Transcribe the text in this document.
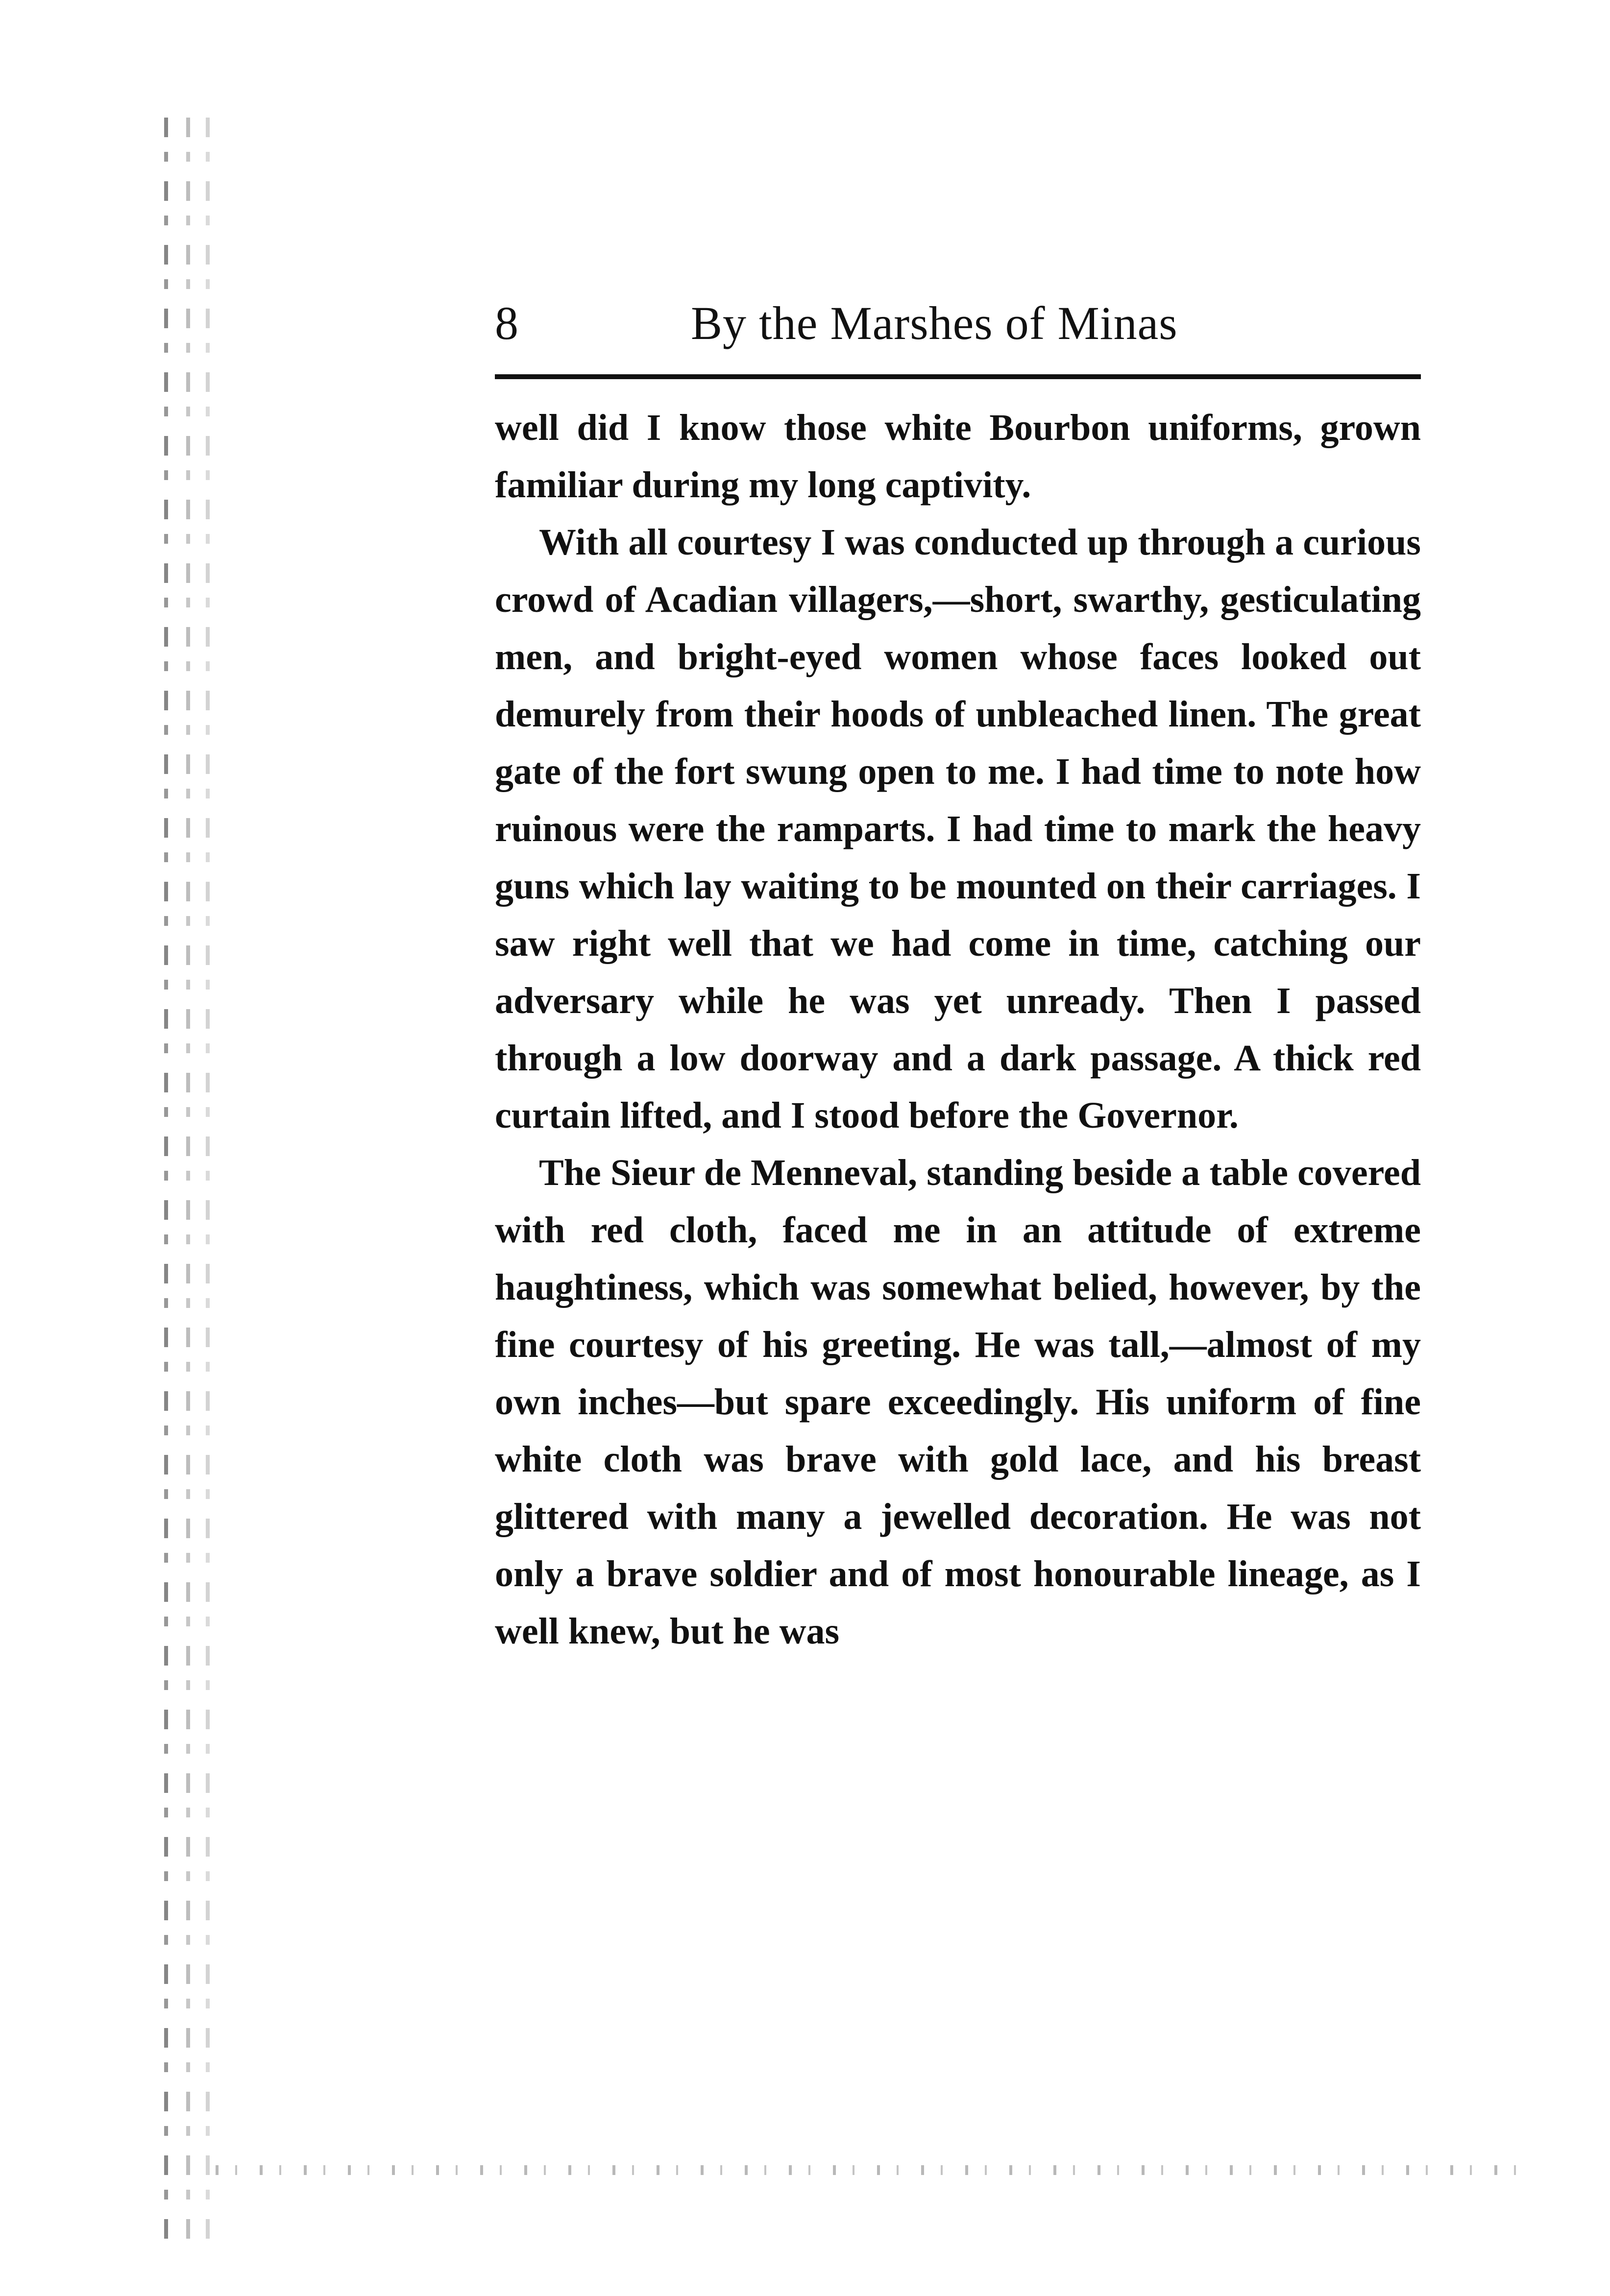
8	By the Marshes of Minas

well did I know those white Bourbon uniforms, grown familiar during my long captivity.

With all courtesy I was conducted up through a curious crowd of Acadian villagers,—short, swarthy, gesticulating men, and bright-eyed women whose faces looked out demurely from their hoods of unbleached linen. The great gate of the fort swung open to me. I had time to note how ruinous were the ramparts. I had time to mark the heavy guns which lay waiting to be mounted on their carriages. I saw right well that we had come in time, catching our adversary while he was yet unready. Then I passed through a low doorway and a dark passage. A thick red curtain lifted, and I stood before the Governor.

The Sieur de Menneval, standing beside a table covered with red cloth, faced me in an attitude of extreme haughtiness, which was somewhat belied, however, by the fine courtesy of his greeting. He was tall,—almost of my own inches—but spare exceedingly. His uniform of fine white cloth was brave with gold lace, and his breast glittered with many a jewelled decoration. He was not only a brave soldier and of most honourable lineage, as I well knew, but he was
